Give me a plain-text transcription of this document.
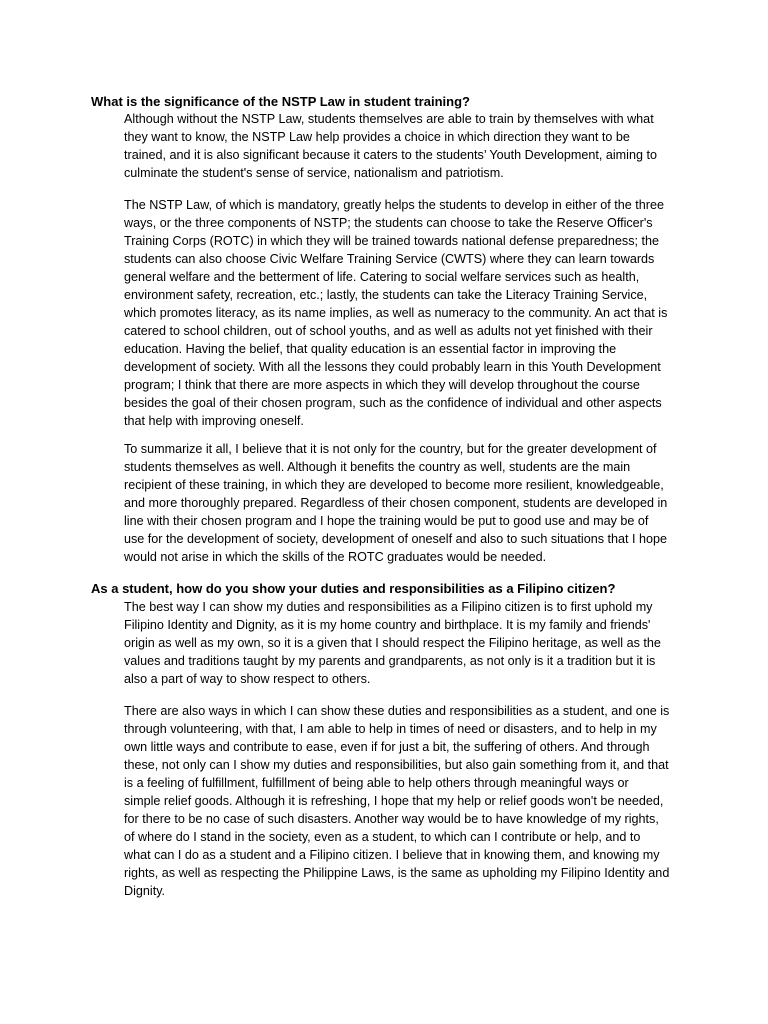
What is the significance of the NSTP Law in student training?
Although without the NSTP Law, students themselves are able to train by themselves with what
they want to know, the NSTP Law help provides a choice in which direction they want to be
trained, and it is also significant because it caters to the students’ Youth Development, aiming to
culminate the student's sense of service, nationalism and patriotism.
The NSTP Law, of which is mandatory, greatly helps the students to develop in either of the three
ways, or the three components of NSTP; the students can choose to take the Reserve Officer's
Training Corps (ROTC) in which they will be trained towards national defense preparedness; the
students can also choose Civic Welfare Training Service (CWTS) where they can learn towards
general welfare and the betterment of life. Catering to social welfare services such as health,
environment safety, recreation, etc.; lastly, the students can take the Literacy Training Service,
which promotes literacy, as its name implies, as well as numeracy to the community. An act that is
catered to school children, out of school youths, and as well as adults not yet finished with their
education. Having the belief, that quality education is an essential factor in improving the
development of society. With all the lessons they could probably learn in this Youth Development
program; I think that there are more aspects in which they will develop throughout the course
besides the goal of their chosen program, such as the confidence of individual and other aspects
that help with improving oneself.
To summarize it all, I believe that it is not only for the country, but for the greater development of
students themselves as well. Although it benefits the country as well, students are the main
recipient of these training, in which they are developed to become more resilient, knowledgeable,
and more thoroughly prepared. Regardless of their chosen component, students are developed in
line with their chosen program and I hope the training would be put to good use and may be of
use for the development of society, development of oneself and also to such situations that I hope
would not arise in which the skills of the ROTC graduates would be needed.
As a student, how do you show your duties and responsibilities as a Filipino citizen?
The best way I can show my duties and responsibilities as a Filipino citizen is to first uphold my
Filipino Identity and Dignity, as it is my home country and birthplace. It is my family and friends'
origin as well as my own, so it is a given that I should respect the Filipino heritage, as well as the
values and traditions taught by my parents and grandparents, as not only is it a tradition but it is
also a part of way to show respect to others.
There are also ways in which I can show these duties and responsibilities as a student, and one is
through volunteering, with that, I am able to help in times of need or disasters, and to help in my
own little ways and contribute to ease, even if for just a bit, the suffering of others. And through
these, not only can I show my duties and responsibilities, but also gain something from it, and that
is a feeling of fulfillment, fulfillment of being able to help others through meaningful ways or
simple relief goods. Although it is refreshing, I hope that my help or relief goods won't be needed,
for there to be no case of such disasters. Another way would be to have knowledge of my rights,
of where do I stand in the society, even as a student, to which can I contribute or help, and to
what can I do as a student and a Filipino citizen. I believe that in knowing them, and knowing my
rights, as well as respecting the Philippine Laws, is the same as upholding my Filipino Identity and
Dignity.
